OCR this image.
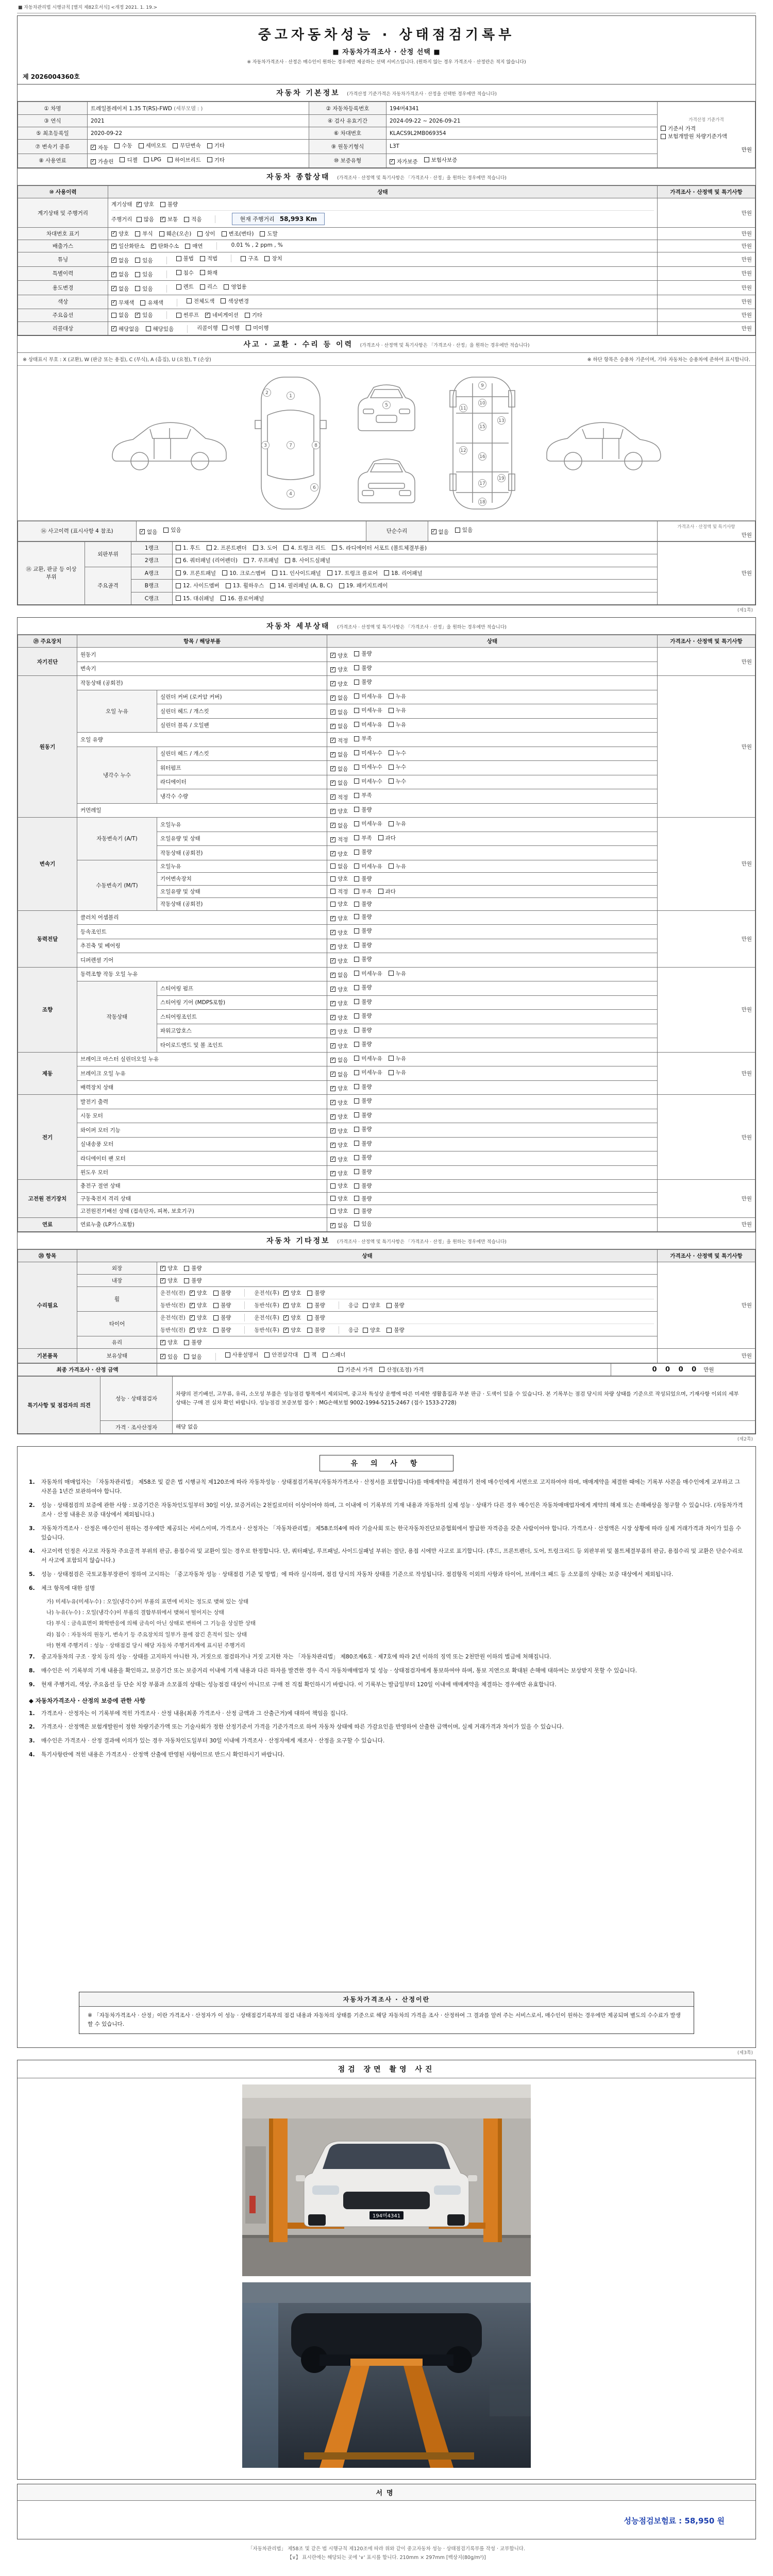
■ 자동차관리법 시행규칙 [별지 제82호서식] <개정 2021. 1. 19.>
중고자동차성능 · 상태점검기록부
■ 자동차가격조사 · 산정 선택 ■
※ 자동차가격조사 · 산정은 매수인이 원하는 경우에만 제공하는 선택 서비스입니다. (원하지 않는 경우 가격조사 · 산정란은 적지 않습니다)
제 2026004360호
자동차 기본정보 (가격산정 기준가격은 자동차가격조사 · 산정을 선택한 경우에만 적습니다)
① 차명	트레일블레이저 1.35 T(RS)-FWD (세부모델 : )	② 자동차등록번호	194머4341	가격산정 기준가격
기준서 가격
보험개발원 차량기준가액
만원

③ 연식	2021	④ 검사 유효기간	2024-09-22 ~ 2026-09-21	
⑤ 최초등록일	2020-09-22	⑥ 차대번호	KLACS9L2MB069354	
⑦ 변속기 종류	✓ 자동 수동 세미오토 무단변속 기타	⑨ 원동기형식	L3T
⑧ 사용연료	✓ 가솔린 디젤 LPG 하이브리드 기타	⑩ 보증유형	✓ 자가보증 보험사보증
자동차 종합상태 (가격조사 · 산정액 및 특기사항은 「가격조사 · 산정」을 원하는 경우에만 적습니다)
⑩ 사용이력	상태	가격조사 · 산정액 및 특기사항
계기상태 및 주행거리	
계기상태 ✓ 양호 불량
주행거리 많음 ✓ 보통 적음	현재 주행거리 58,993 Km
	만원
차대번호 표기	✓ 양호 부식 훼손(오손) 상이 변조(변타) 도말	만원
배출가스	✓ 일산화탄소 ✓ 탄화수소 매연	0.01 % , 2 ppm , %	만원
튜닝	✓ 없음 있음	불법 적법	구조 장치	만원
특별이력	✓ 없음 있음 침수 화재	만원
용도변경	✓ 없음 있음	렌트 리스 영업용	만원
색상	✓ 무채색 유채색 전체도색 색상변경	만원
주요옵션	없음 ✓ 있음	썬루프 ✓ 네비게이션 기타	만원
리콜대상	✓ 해당없음 해당있음	리콜이행 이행 미이행	만원
사고 · 교환 · 수리 등 이력 (가격조사 · 산정액 및 특기사항은 「가격조사 · 산정」을 원하는 경우에만 적습니다)
※ 상태표시 부호 : X (교환), W (판금 또는 용접), C (부식), A (흠집), U (요철), T (손상)	※ 하단 항목은 승용차 기준이며, 기타 자동차는 승용차에 준하여 표시합니다.
1
2
3
4
6
7	8
5
9
10
11
12
13
15
16
17
18
19
⑯ 사고이력 (표시사항 4 참조)	✓ 없음 있음	단순수리	✓ 없음 있음

가격조사 · 산정액 및 특기사항
만원
⑱ 교환, 판금 등 이상 부위	외판부위	1랭크	1. 후드 2. 프론트펜더 3. 도어 4. 트렁크 리드 5. 라디에이터 서포트 (볼트체결부품)	만원
		2랭크	6. 쿼터패널 (리어펜더) 7. 루프패널 8. 사이드실패널	

	주요골격	A랭크	9. 프론트패널 10. 크로스멤버 11. 인사이드패널 17. 트렁크 플로어 18. 리어패널	

		B랭크	12. 사이드멤버 13. 휠하우스 14. 필러패널 (A, B, C) 19. 패키지트레이	

		C랭크	15. 대쉬패널 16. 플로어패널	
(제1쪽)
자동차 세부상태 (가격조사 · 산정액 및 특기사항은 「가격조사 · 산정」을 원하는 경우에만 적습니다)
⑲ 주요장치	항목 / 해당부품		상태	가격조사 · 산정액 및 특기사항
자기진단	원동기		✓ 양호 불량	만원
	변속기		✓ 양호 불량	

원동기	작동상태 (공회전)		✓ 양호 불량	만원
	오일 누유	실린더 커버 (로커암 커버)	✓ 없음 미세누유 누유	

		실린더 헤드 / 개스킷	✓ 없음 미세누유 누유	

		실린더 블록 / 오일팬	✓ 없음 미세누유 누유	

	오일 유량		✓ 적정 부족	

	냉각수 누수	실린더 헤드 / 개스킷	✓ 없음 미세누수 누수	

		워터펌프	✓ 없음 미세누수 누수	

		라디에이터	✓ 없음 미세누수 누수	

		냉각수 수량	✓ 적정 부족	

	커먼레일		✓ 양호 불량	

변속기	자동변속기 (A/T)	오일누유	✓ 없음 미세누유 누유	만원
		오일유량 및 상태	✓ 적정 부족 과다	

		작동상태 (공회전)	✓ 양호 불량	

	수동변속기 (M/T)	오일누유	없음 미세누유 누유	

		기어변속장치	양호 불량	

		오일유량 및 상태	적정 부족 과다	

		작동상태 (공회전)	양호 불량	

동력전달	클러치 어셈블리		✓ 양호 불량	만원
	등속조인트		✓ 양호 불량	

	추진축 및 베어링		✓ 양호 불량	

	디퍼렌셜 기어		✓ 양호 불량	

조향	동력조향 작동 오일 누유		✓ 없음 미세누유 누유	만원
	작동상태	스티어링 펌프	✓ 양호 불량	

		스티어링 기어 (MDPS포함)	✓ 양호 불량	

		스티어링조인트	✓ 양호 불량	

		파워고압호스	✓ 양호 불량	

		타이로드엔드 및 볼 조인트	✓ 양호 불량	

제동	브레이크 마스터 실린더오일 누유		✓ 없음 미세누유 누유	만원
	브레이크 오일 누유		✓ 없음 미세누유 누유	

	배력장치 상태		✓ 양호 불량	

전기	발전기 출력		✓ 양호 불량	만원
	시동 모터		✓ 양호 불량	

	와이퍼 모터 기능		✓ 양호 불량	

	실내송풍 모터		✓ 양호 불량	

	라디에이터 팬 모터		✓ 양호 불량	

	윈도우 모터		✓ 양호 불량	

고전원 전기장치	충전구 절연 상태		양호 불량	만원
	구동축전지 격리 상태		양호 불량	

	고전원전기배선 상태 (접속단자, 피복, 보호기구)		양호 불량	

연료	연료누출 (LP가스포함)		✓ 없음 있음	만원
자동차 기타정보 (가격조사 · 산정액 및 특기사항은 「가격조사 · 산정」을 원하는 경우에만 적습니다)
⑳ 항목	상태		가격조사 · 산정액 및 특기사항
수리필요	외장	✓ 양호 불량	만원
	내장	✓ 양호 불량	

휠	
운전석(전) ✓ 양호 불량	운전석(후) ✓ 양호 불량
동반석(전) ✓ 양호 불량	동반석(후) ✓ 양호 불량	응급 양호 불량

타이어	
운전석(전) ✓ 양호 불량	운전석(후) ✓ 양호 불량
동반석(전) ✓ 양호 불량	동반석(후) ✓ 양호 불량	응급 양호 불량

	유리	✓ 양호 불량	

기본품목	보유상태	✓ 있음 없음	사용설명서 안전삼각대 잭 스패너	만원
최종 가격조사 · 산정 금액	기준서 가격 산정(조정) 가격	0 0 0 0 만원
특기사항 및 점검자의 의견	성능 · 상태점검자	차량의 전기배선, 고무류, 유리, 소모성 부품은 성능점검 항목에서 제외되며, 중고차 특성상 운행에 따른 미세한 생활흠집과 부분 판금 · 도색이 있을 수 있습니다. 본 기록부는 점검 당시의 차량 상태를 기준으로 작성되었으며, 기재사항 이외의 세부 상태는 구매 전 실차 확인 바랍니다. 성능점검 보증보험 접수 : MG손해보험 9002-1994-5215-2467 (접수 1533-2728)
	가격 · 조사산정자	해당 없음
(제2쪽)
유 의 사 항
1.	자동차의 매매업자는 「자동차관리법」 제58조 및 같은 법 시행규칙 제120조에 따라 자동차성능 · 상태점검기록부(자동차가격조사 · 산정서를 포함합니다)를 매매계약을 체결하기 전에 매수인에게 서면으로 고지하여야 하며, 매매계약을 체결한 때에는 기록부 사본을 매수인에게 교부하고 그 사본을 1년간 보관하여야 합니다.
2.	성능 · 상태점검의 보증에 관한 사항 : 보증기간은 자동차인도일부터 30일 이상, 보증거리는 2천킬로미터 이상이어야 하며, 그 이내에 이 기록부의 기재 내용과 자동차의 실제 성능 · 상태가 다른 경우 매수인은 자동차매매업자에게 계약의 해제 또는 손해배상을 청구할 수 있습니다. (자동차가격조사 · 산정 내용은 보증 대상에서 제외됩니다.)
3.	자동차가격조사 · 산정은 매수인이 원하는 경우에만 제공되는 서비스이며, 가격조사 · 산정자는 「자동차관리법」 제58조의4에 따라 기술사회 또는 한국자동차진단보증협회에서 발급한 자격증을 갖춘 사람이어야 합니다. 가격조사 · 산정액은 시장 상황에 따라 실제 거래가격과 차이가 있을 수 있습니다.
4.	사고이력 인정은 사고로 자동차 주요골격 부위의 판금, 용접수리 및 교환이 있는 경우로 한정합니다. 단, 쿼터패널, 루프패널, 사이드실패널 부위는 절단, 용접 시에만 사고로 표기합니다. (후드, 프론트펜더, 도어, 트렁크리드 등 외판부위 및 볼트체결부품의 판금, 용접수리 및 교환은 단순수리로서 사고에 포함되지 않습니다.)
5.	성능 · 상태점검은 국토교통부장관이 정하여 고시하는 「중고자동차 성능 · 상태점검 기준 및 방법」에 따라 실시하며, 점검 당시의 자동차 상태를 기준으로 작성됩니다. 점검항목 이외의 사항과 타이어, 브레이크 패드 등 소모품의 상태는 보증 대상에서 제외됩니다.
6.	체크 항목에 대한 설명
가) 미세누유(미세누수) : 오일(냉각수)이 부품의 표면에 비치는 정도로 맺혀 있는 상태
나) 누유(누수) : 오일(냉각수)이 부품의 결합부위에서 맺혀서 떨어지는 상태
다) 부식 : 금속표면이 화학반응에 의해 금속이 아닌 상태로 변하여 그 기능을 상실한 상태
라) 침수 : 자동차의 원동기, 변속기 등 주요장치의 일부가 물에 잠긴 흔적이 있는 상태
마) 현재 주행거리 : 성능 · 상태점검 당시 해당 자동차 주행거리계에 표시된 주행거리
7.	중고자동차의 구조 · 장치 등의 성능 · 상태를 고지하지 아니한 자, 거짓으로 점검하거나 거짓 고지한 자는 「자동차관리법」 제80조제6호 · 제7호에 따라 2년 이하의 징역 또는 2천만원 이하의 벌금에 처해집니다.
8.	매수인은 이 기록부의 기재 내용을 확인하고, 보증기간 또는 보증거리 이내에 기재 내용과 다른 하자를 발견한 경우 즉시 자동차매매업자 및 성능 · 상태점검자에게 통보하여야 하며, 통보 지연으로 확대된 손해에 대하여는 보상받지 못할 수 있습니다.
9.	현재 주행거리, 색상, 주요옵션 등 단순 치장 부품과 소모품의 상태는 성능점검 대상이 아니므로 구매 전 직접 확인하시기 바랍니다. 이 기록부는 발급일부터 120일 이내에 매매계약을 체결하는 경우에만 유효합니다.
◆ 자동차가격조사 · 산정의 보증에 관한 사항
1.	가격조사 · 산정자는 이 기록부에 적힌 가격조사 · 산정 내용(최종 가격조사 · 산정 금액과 그 산출근거)에 대하여 책임을 집니다.
2.	가격조사 · 산정액은 보험개발원이 정한 차량기준가액 또는 기술사회가 정한 산정기준서 가격을 기준가격으로 하여 자동차 상태에 따른 가감요인을 반영하여 산출한 금액이며, 실제 거래가격과 차이가 있을 수 있습니다.
3.	매수인은 가격조사 · 산정 결과에 이의가 있는 경우 자동차인도일부터 30일 이내에 가격조사 · 산정자에게 재조사 · 산정을 요구할 수 있습니다.
4.	특기사항란에 적힌 내용은 가격조사 · 산정액 산출에 반영된 사항이므로 반드시 확인하시기 바랍니다.
자동차가격조사 · 산정이란
※ 「자동차가격조사 · 산정」이란 가격조사 · 산정자가 이 성능 · 상태점검기록부의 점검 내용과 자동차의 상태를 기준으로 해당 자동차의 가격을 조사 · 산정하여 그 결과를 알려 주는 서비스로서, 매수인이 원하는 경우에만 제공되며 별도의 수수료가 발생할 수 있습니다.
(제3쪽)
점검 장면 촬영 사진
194머4341
서명
성능점검보험료 : 58,950 원
「자동차관리법」 제58조 및 같은 법 시행규칙 제120조에 따라 위와 같이 중고자동차 성능 · 상태점검기록부를 작성 · 교부합니다.
【∨】 표시란에는 해당되는 곳에 '∨' 표시를 합니다. 210mm × 297mm [백상지(80g/m²)]
